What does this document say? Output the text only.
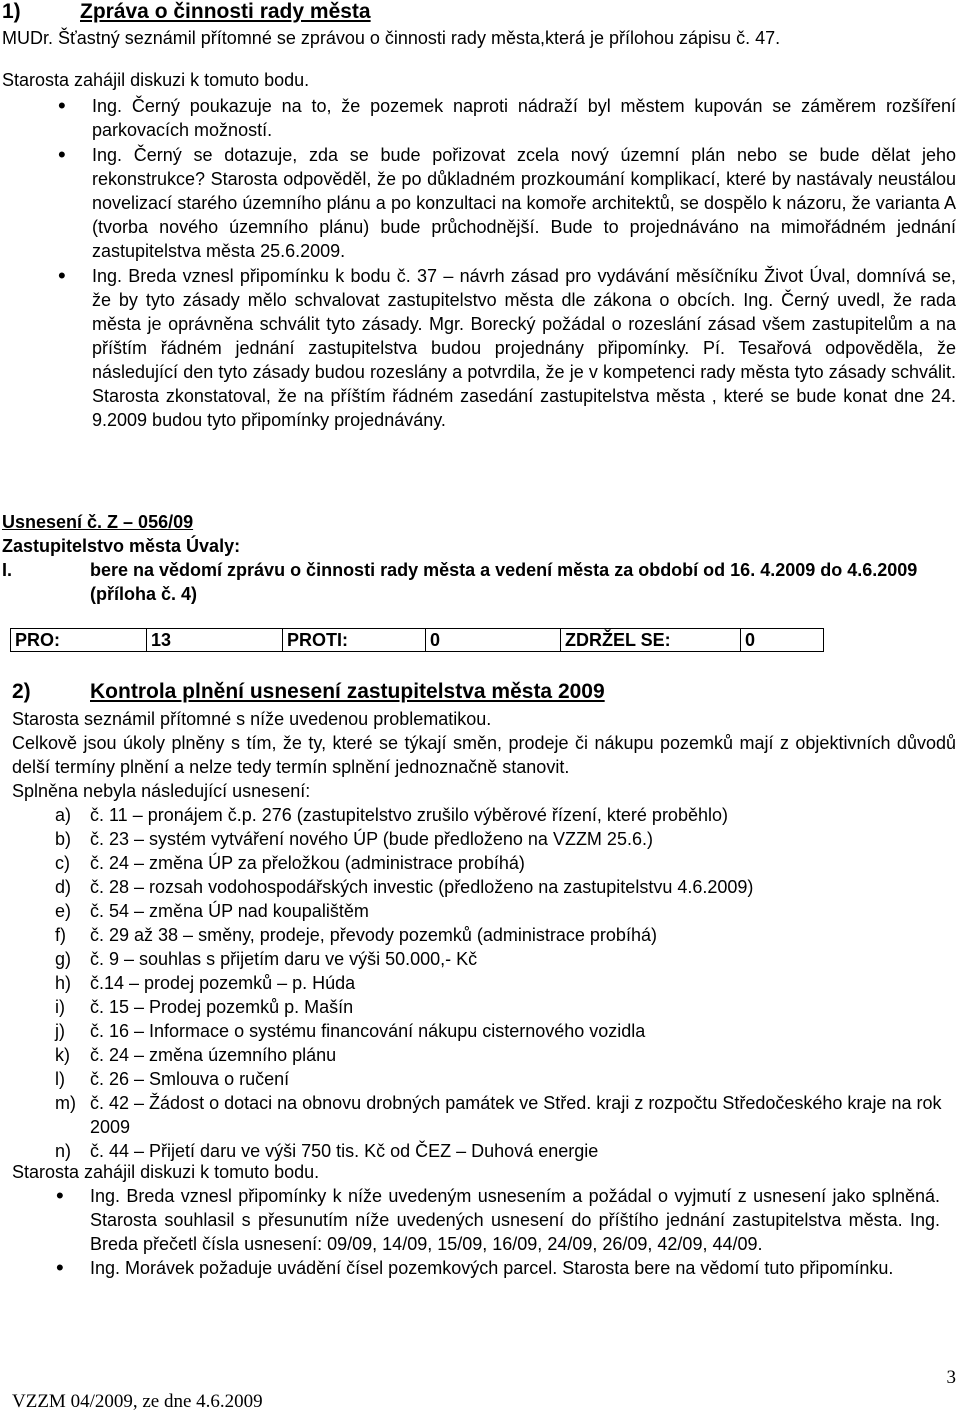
1)	Zpráva o činnosti rady města
MUDr. Šťastný seznámil přítomné se zprávou o činnosti rady města,která je přílohou zápisu č. 47.
Starosta zahájil diskuzi k tomuto bodu.
• Ing. Černý poukazuje na to, že pozemek naproti nádraží byl městem kupován se záměrem rozšíření parkovacích možností.
• Ing. Černý se dotazuje, zda se bude pořizovat zcela nový územní plán nebo se bude dělat jeho rekonstrukce? Starosta odpověděl, že po důkladném prozkoumání komplikací, které by nastávaly neustálou novelizací starého územního plánu a po konzultaci na komoře architektů, se dospělo k názoru, že varianta A (tvorba nového územního plánu) bude průchodnější. Bude to projednáváno na mimořádném jednání zastupitelstva města 25.6.2009.
• Ing. Breda vznesl připomínku k bodu č. 37 – návrh zásad pro vydávání měsíčníku Život Úval, domnívá se, že by tyto zásady mělo schvalovat zastupitelstvo města dle zákona o obcích. Ing. Černý uvedl, že rada města je oprávněna schválit tyto zásady. Mgr. Borecký požádal o rozeslání zásad všem zastupitelům a na příštím řádném jednání zastupitelstva budou projednány připomínky. Pí. Tesařová odpověděla, že následující den tyto zásady budou rozeslány a potvrdila, že je v kompetenci rady města tyto zásady schválit. Starosta zkonstatoval, že na příštím řádném zasedání zastupitelstva města , které se bude konat dne 24. 9.2009 budou tyto připomínky projednávány.
Usnesení č. Z – 056/09
Zastupitelstvo města Úvaly:
I.	bere na vědomí zprávu o činnosti rady města a vedení města za období od 16. 4.2009 do 4.6.2009 (příloha č. 4)
PRO:	13	PROTI:	0	ZDRŽEL SE:	0
2)	Kontrola plnění usnesení zastupitelstva města 2009
Starosta seznámil přítomné s níže uvedenou problematikou.
Celkově jsou úkoly plněny s tím, že ty, které se týkají směn, prodeje či nákupu pozemků mají z objektivních důvodů delší termíny plnění a nelze tedy termín splnění jednoznačně stanovit.
Splněna nebyla následující usnesení:
a) č. 11 – pronájem č.p. 276 (zastupitelstvo zrušilo výběrové řízení, které proběhlo)
b) č. 23 – systém vytváření nového ÚP (bude předloženo na VZZM 25.6.)
c) č. 24 – změna ÚP za přeložkou (administrace probíhá)
d) č. 28 – rozsah vodohospodářských investic (předloženo na zastupitelstvu 4.6.2009)
e) č. 54 – změna ÚP nad koupalištěm
f) č. 29 až 38 – směny, prodeje, převody pozemků (administrace probíhá)
g) č. 9 – souhlas s přijetím daru ve výši 50.000,- Kč
h) č.14 – prodej pozemků – p. Húda
i) č. 15 – Prodej pozemků p. Mašín
j) č. 16 – Informace o systému financování nákupu cisternového vozidla
k) č. 24 – změna územního plánu
l) č. 26 – Smlouva o ručení
m) č. 42 – Žádost o dotaci na obnovu drobných památek ve Střed. kraji z rozpočtu Středočeského kraje na rok 2009
n) č. 44 – Přijetí daru ve výši 750 tis. Kč od ČEZ – Duhová energie
Starosta zahájil diskuzi k tomuto bodu.
• Ing. Breda vznesl připomínky k níže uvedeným usnesením a požádal o vyjmutí z usnesení jako splněná. Starosta souhlasil s přesunutím níže uvedených usnesení do příštího jednání zastupitelstva města. Ing. Breda přečetl čísla usnesení: 09/09, 14/09, 15/09, 16/09, 24/09, 26/09, 42/09, 44/09.
• Ing. Morávek požaduje uvádění čísel pozemkových parcel. Starosta bere na vědomí tuto připomínku.
3
VZZM 04/2009, ze dne 4.6.2009
